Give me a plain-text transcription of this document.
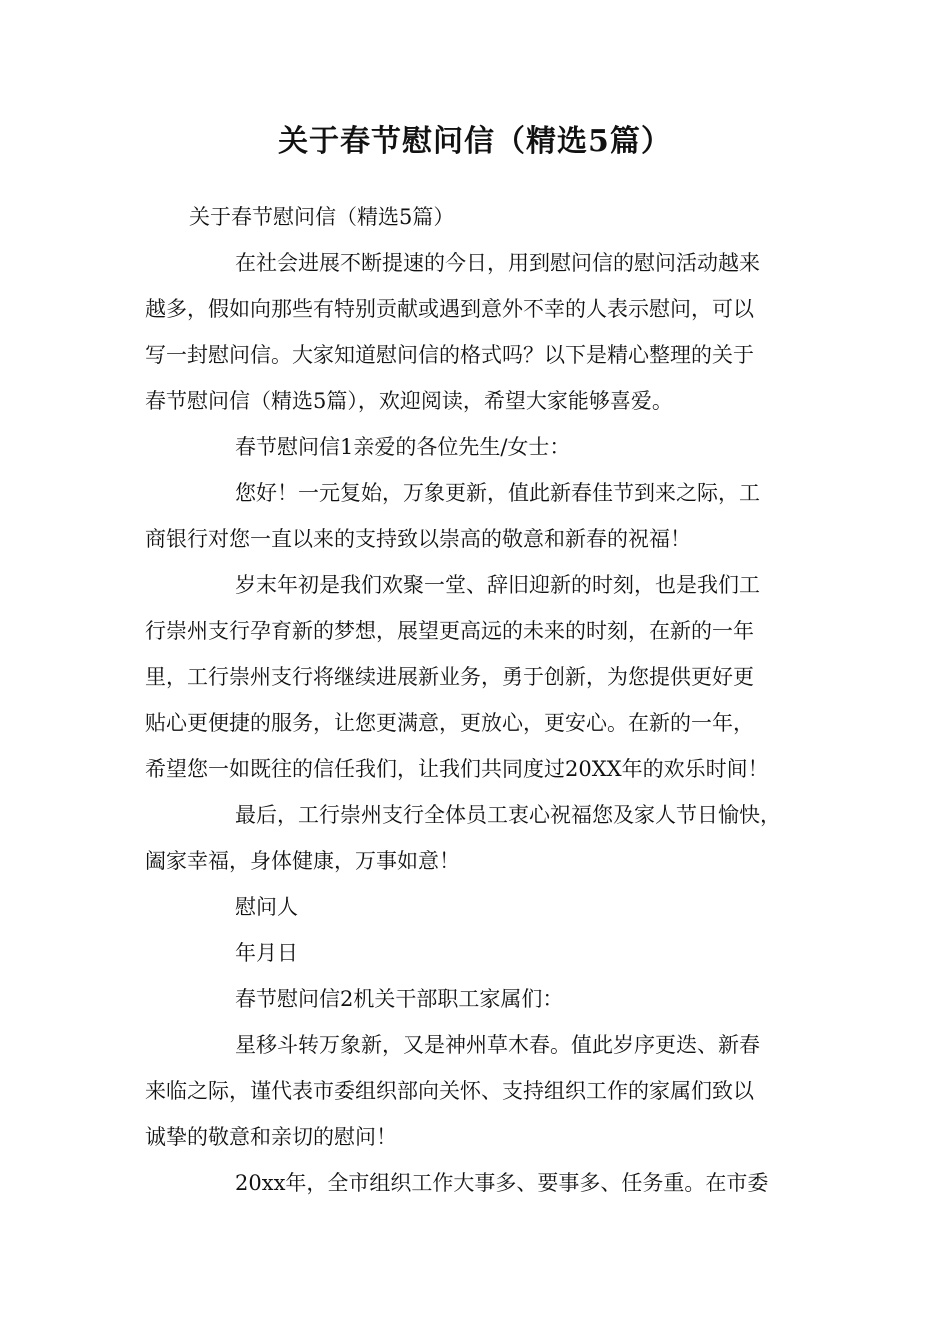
关于春节慰问信（精选5篇）

关于春节慰问信（精选5篇）

在社会进展不断提速的今日，用到慰问信的慰问活动越来
越多，假如向那些有特别贡献或遇到意外不幸的人表示慰问，可以
写一封慰问信。大家知道慰问信的格式吗？以下是精心整理的关于
春节慰问信（精选5篇），欢迎阅读，希望大家能够喜爱。

春节慰问信1亲爱的各位先生/女士：

您好！一元复始，万象更新，值此新春佳节到来之际，工
商银行对您一直以来的支持致以崇高的敬意和新春的祝福！

岁末年初是我们欢聚一堂、辞旧迎新的时刻，也是我们工
行崇州支行孕育新的梦想，展望更高远的未来的时刻，在新的一年
里，工行崇州支行将继续进展新业务，勇于创新，为您提供更好更
贴心更便捷的服务，让您更满意，更放心，更安心。在新的一年，
希望您一如既往的信任我们，让我们共同度过20XX年的欢乐时间！

最后，工行崇州支行全体员工衷心祝福您及家人节日愉快，
阖家幸福，身体健康，万事如意！

慰问人

年月日

春节慰问信2机关干部职工家属们：

星移斗转万象新，又是神州草木春。值此岁序更迭、新春
来临之际，谨代表市委组织部向关怀、支持组织工作的家属们致以
诚挚的敬意和亲切的慰问！

20xx年，全市组织工作大事多、要事多、任务重。在市委
